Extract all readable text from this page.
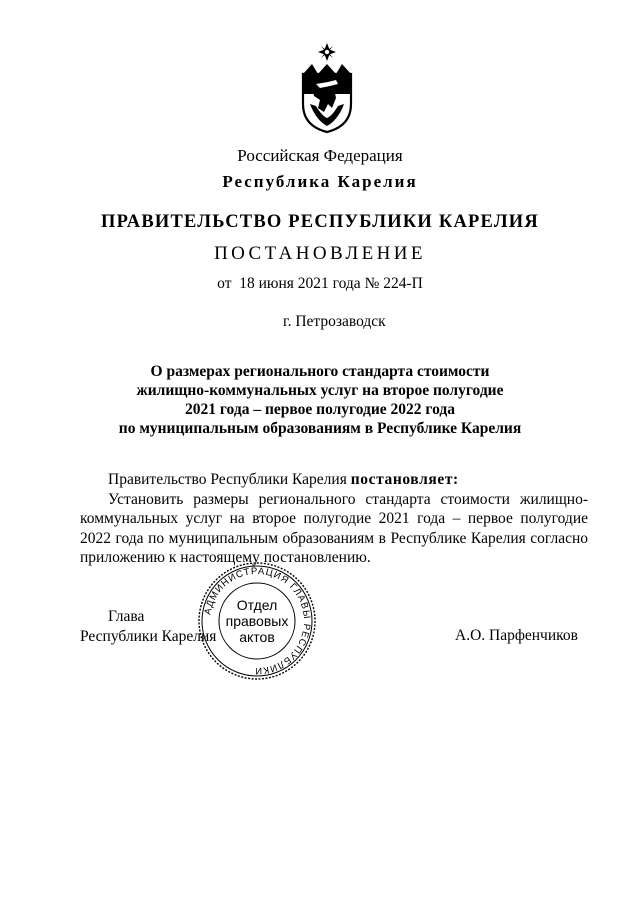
Российская Федерация
Республика Карелия
ПРАВИТЕЛЬСТВО РЕСПУБЛИКИ КАРЕЛИЯ
ПОСТАНОВЛЕНИЕ
от  18 июня 2021 года № 224-П
г. Петрозаводск
О размерах регионального стандарта стоимости
жилищно-коммунальных услуг на второе полугодие
2021 года – первое полугодие 2022 года
по муниципальным образованиям в Республике Карелия
Правительство Республики Карелия постановляет:
Установить размеры регионального стандарта стоимости жилищно-коммунальных услуг на второе полугодие 2021 года – первое полугодие 2022 года по муниципальным образованиям в Республике Карелия согласно приложению к настоящему постановлению.
Глава
Республики Карелия	А.О. Парфенчиков
АДМИНИСТРАЦИЯ ГЛАВЫ РЕСПУБЛИКИ
Отдел
правовых
актов
